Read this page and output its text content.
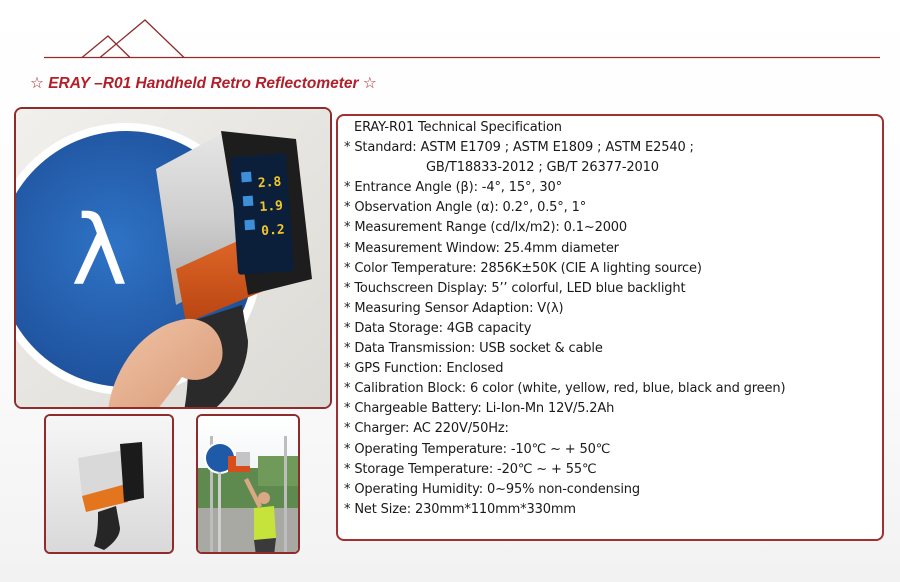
☆ ERAY –R01 Handheld Retro Reflectometer ☆
λ
2.8
1.9
0.2
ERAY-R01 Technical Specification
* Standard: ASTM E1709 ; ASTM E1809 ; ASTM E2540 ;
GB/T18833-2012 ; GB/T 26377-2010
* Entrance Angle (β): -4°, 15°, 30°
* Observation Angle (α): 0.2°, 0.5°, 1°
* Measurement Range (cd/lx/m2): 0.1~2000
* Measurement Window: 25.4mm diameter
* Color Temperature: 2856K±50K (CIE A lighting source)
* Touchscreen Display: 5’’ colorful, LED blue backlight
* Measuring Sensor Adaption: V(λ)
* Data Storage: 4GB capacity
* Data Transmission: USB socket & cable
* GPS Function: Enclosed
* Calibration Block: 6 color (white, yellow, red, blue, black and green)
* Chargeable Battery: Li-Ion-Mn 12V/5.2Ah
* Charger: AC 220V/50Hz:
* Operating Temperature: -10℃ ~ + 50℃
* Storage Temperature: -20℃ ~ + 55℃
* Operating Humidity: 0~95% non-condensing
* Net Size: 230mm*110mm*330mm
